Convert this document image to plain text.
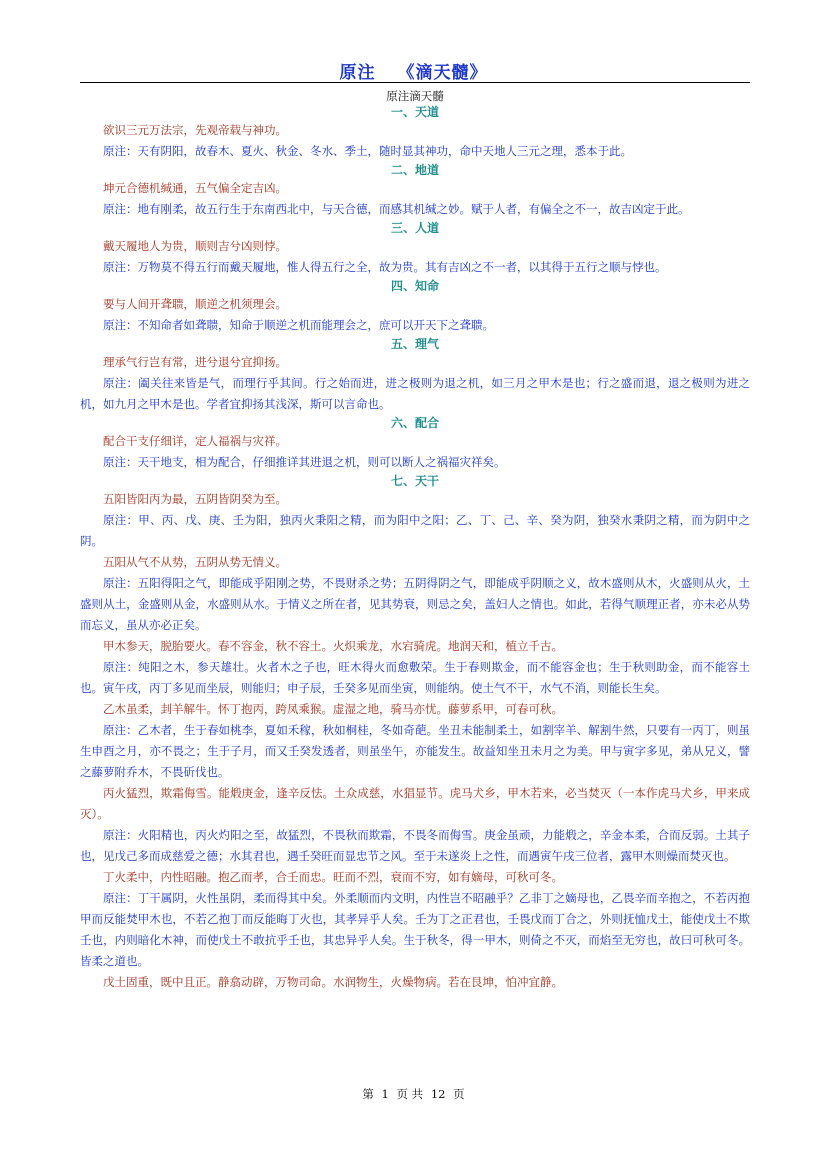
原注 《滴天髓》
原注滴天髓
一、天道

欲识三元万法宗，先观帝载与神功。

原注：天有阴阳，故春木、夏火、秋金、冬水、季土，随时显其神功，命中天地人三元之理，悉本于此。

二、地道

坤元合德机缄通，五气偏全定吉凶。

原注：地有刚柔，故五行生于东南西北中，与天合德，而感其机缄之妙。赋于人者，有偏全之不一，故吉凶定于此。

三、人道

戴天履地人为贵，顺则吉兮凶则悖。

原注：万物莫不得五行而戴天履地，惟人得五行之全，故为贵。其有吉凶之不一者，以其得于五行之顺与悖也。

四、知命

要与人间开聋聩，顺逆之机须理会。

原注：不知命者如聋聩，知命于顺逆之机而能理会之，庶可以开天下之聋聩。

五、理气

理承气行岂有常，进兮退兮宜抑扬。

原注：阖关往来皆是气，而理行乎其间。行之始而进，进之极则为退之机，如三月之甲木是也；行之盛而退，退之极则为进之机，如九月之甲木是也。学者宜抑扬其浅深，斯可以言命也。

六、配合

配合干支仔细详，定人福祸与灾祥。

原注：天干地支，相为配合，仔细推详其进退之机，则可以断人之祸福灾祥矣。

七、天干

五阳皆阳丙为最，五阴皆阴癸为至。

原注：甲、丙、戊、庚、壬为阳，独丙火秉阳之精，而为阳中之阳；乙、丁、己、辛、癸为阴，独癸水秉阴之精，而为阴中之阴。

五阳从气不从势，五阴从势无情义。

原注：五阳得阳之气，即能成乎阳刚之势，不畏财杀之势；五阴得阴之气，即能成乎阴顺之义，故木盛则从木，火盛则从火，土盛则从土，金盛则从金，水盛则从水。于情义之所在者，见其势衰，则忌之矣，盖妇人之情也。如此，若得气顺理正者，亦未必从势而忘义，虽从亦必正矣。

甲木参天，脱胎要火。春不容金，秋不容土。火炽乘龙，水宕骑虎。地润天和，植立千古。

原注：纯阳之木，参天雄壮。火者木之子也，旺木得火而愈敷荣。生于春则欺金，而不能容金也；生于秋则助金，而不能容土也。寅午戌，丙丁多见而坐辰，则能归；申子辰，壬癸多见而坐寅，则能纳。使土气不干，水气不消，则能长生矣。

乙木虽柔，刲羊解牛。怀丁抱丙，跨凤乘猴。虚湿之地，骑马亦忧。藤萝系甲，可春可秋。

原注：乙木者，生于春如桃李，夏如禾稼，秋如桐桂，冬如奇葩。坐丑未能制柔土，如割宰羊、解割牛然，只要有一丙丁，则虽生申酉之月，亦不畏之；生于子月，而又壬癸发透者，则虽坐午，亦能发生。故益知坐丑未月之为美。甲与寅字多见，弟从兄义，譬之藤萝附乔木，不畏斫伐也。

丙火猛烈，欺霜侮雪。能煅庚金，逢辛反怯。土众成慈，水猖显节。虎马犬乡，甲木若来，必当焚灭（一本作虎马犬乡，甲来成灭）。

原注：火阳精也，丙火灼阳之至，故猛烈，不畏秋而欺霜，不畏冬而侮雪。庚金虽顽，力能煅之，辛金本柔，合而反弱。土其子也，见戊己多而成慈爱之德；水其君也，遇壬癸旺而显忠节之风。至于未遂炎上之性，而遇寅午戌三位者，露甲木则燥而焚灭也。

丁火柔中，内性昭融。抱乙而孝，合壬而忠。旺而不烈，衰而不穷，如有嫡母，可秋可冬。

原注：丁干属阴，火性虽阴，柔而得其中矣。外柔顺而内文明，内性岂不昭融乎？乙非丁之嫡母也，乙畏辛而辛抱之，不若丙抱甲而反能焚甲木也，不若乙抱丁而反能晦丁火也，其孝异乎人矣。壬为丁之正君也，壬畏戊而丁合之，外则抚恤戊土，能使戊土不欺壬也，内则暗化木神，而使戊土不敢抗乎壬也，其忠异乎人矣。生于秋冬，得一甲木，则倚之不灭，而焰至无穷也，故曰可秋可冬。皆柔之道也。

戊土固重，既中且正。静翕动辟，万物司命。水润物生，火燥物病。若在艮坤，怕冲宜静。

第 1 页 共 12 页
